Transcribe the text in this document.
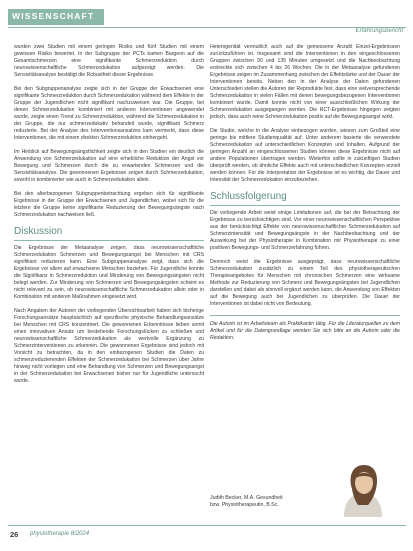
WISSENSCHAFT
Erfahrungsbericht

wurden zwei Studien mit einem geringen Risiko und fünf Studien mit einem gewissen Risiko bewertet. In der Subgruppe der PCTs kamen Bargeon auf die Gesamtschmerzen eine signifikante Schmerzreduktion durch neurowissenschaftliche Schmerzedukation aufgezeigt werden. Die Sensivitätsanalyse bestätigt die Robustheit dieser Ergebnisse.

Bei den Subgruppenanalyse zeigte sich in der Gruppe der Erwachsenen eine signifikante Schmerzreduktion durch Schmerzedukation während dem Effekte in der Gruppe der Jugendlichen nicht signifikant nachzuweisen war. Die Gruppe, bei denen Schmerzedukation kombiniert mit anderen Interventionen angewendet wurde, zeigte einen Trend zu Schmerzreduktion, während die Schmerzedukation in der Gruppe, die nur schmerzedukativ behandelt wurde, signifikant Schmerz reduzierte. Bei der Analyse des Interventionsansatzes kam vermerkt, dass diese Interventionen, die mit einem direkten Schmerzreduktion einhergeht.

Im Hinblick auf Bewegungsängstlichkeit zeigte sich in den Studien ein deutlich die Anwendung von Schmerzedukation auf eine erhebliche Reduktion der Angst vor Bewegung und Schmerzen durch die zu erwartenden Schmerzen und die Sensivitätsanalyse. Die gewonnenen Ergebnisse zeigen durch Schmerzedukation, sowohl in kombinierter wie auch in Schmerzedukation allein.

Bei den alterbezogenen Subgruppenbetrachtung ergeben sich für signifikante Ergebnisse in der Gruppe der Erwachsenen und Jugendlichen, wobei sich für die letztere die Gruppe keine signifikante Reduzierung der Bewegungsängste nach Schmerzedukation nachweisen ließ.

Diskussion

Die Ergebnisse der Metaanalyse zeigen, dass neurowissenschaftliche Schmerzedukation Schmerzen und Bewegungsangst bei Menschen mit CRS signifikant reduzieren kann. Eine Subgruppenanalyse zeigt, dass sich die Ergebnisse vor allem auf erwachsene Menschen beziehen. Für Jugendliche konnte die Signifikanz in Schmerzreduktion und Minderung von Bewegungsängsten nicht belegt werden. Zur Minderung von Schmerzen und Bewegungsängsten scheint es nicht relevant zu sein, ob neurowissenschaftliche Schmerzedukation allein oder in Kombination mit anderen Maßnahmen eingesetzt wird.

Nach Angaben der Autoren der vorliegenden Übersichtsarbeit haben sich bisherige Forschungsansätze hauptsächlich auf spezifische physische Behandlungsansätze bei Menschen mit CRS konzentriert. Die gewonnenen Erkenntnisse lieben somit einen innovativen Ansatz um bestehende Forschungslücken zu schließen und neurowissenschaftliche Schmerzedukation als wertvolle Ergänzung zu Schmerzinterventionen zu erkennen. Die gewonnenen Ergebnisse sind jedoch mit Vorsicht zu betrachten, da in den einbezogenen Studien die Daten zu schmerzreduzierenden Effekten der Schmerzedukation bei Schmerzen über Jahre hinweg nicht vorliegen und eine Behandlung von Schmerzen und Bewegungsangst in der Schmerzedukation bei Erwachsenen bisher nur für Jugendliche untersucht wurde.

Heterogenität vermutlich auch auf die gemessene Anzahl Einzel-Ergebnissen zurückzuführen ist. Insgesamt sind die Interventionen in den eingeschlossenen Gruppen zwischen 90 und 135 Minuten umgesetzt und die Nachbeobachtung erstreckte sich zwischen 4 bis 26 Wochen. Die in der Metaanalyse gefundenen Ergebnisse zeigen im Zusammenhang zwischen der Effektstärke und der Dauer der Interventionen bereits. Neben den in der Analyse der Daten gefundenen Unterschieden stellen die Autoren der Reprodukte fest, dass eine vielversprechende Schmerzedukation in vielen Fällen mit denen bewegungsbezogenen Interventionen kombiniert wurde. Damit konnte nicht von einer ausschließlichen Wirkung der Schmerzedukation ausgegangen werden. Die RCT-Ergebnisse hingegen zeigten jedoch, dass auch reine Schmerzedukation positiv auf die Bewegungsangst wirkt.

Die Studie, welche in die Analyse einbezogen wurden, wiesen zum Großteil eine geringe bis mittlere Studienqualität auf. Unter anderem basierte die verwendete Schmerzedukation auf unterschiedlichen Konzepten und Inhalten. Aufgrund der geringen Anzahl an eingeschlossenen Studien können diese Ergebnisse nicht auf andere Populationen übertragen werden. Weiterhin sollte in zukünftigen Studien überprüft werden, ob ähnliche Effekte auch mit unterschiedlichen Konzepten erzielt werden können. Für die Interpretation der Ergebnisse ist es wichtig, die Dauer und Intensität der Schmerzedukation einzubeziehen.

Schlussfolgerung

Die vorliegende Arbeit weist einige Limitationen auf, die bei der Betrachtung der Ergebnisse zu berücksichtigen sind. Vor einer neurowissenschaftlichen Perspektive aus der berücksichtigt Effekte von neurowissenschaftlicher Schmerzedukation auf Schmerzintensität und Bewegungsängste in der Nachbeobachtung und der Auswirkung bei der Physiotherapie in Kombination mit Physiotherapie zu einer positiven Bewegungs- und Schmerzerfahrung führen.

Dennoch weist die Ergebnisse ausgeprägt, dass neurowissenschaftliche Schmerzedukation zusätzlich zu einem Teil des physiotherapeutischen Therapieangebotes für Menschen mit chronischen Schmerzen eine wirksame Methode zur Reduzierung von Schmerz und Bewegungsängsten bei Jugendlichen darstellen und dabei als sinnvoll ergänzt werden kann, die Anwendung von Effekten auf die Bewegung auch bei Jugendlichen zu überprüfen. Die Dauer der Interventionen ist dabei nicht von Bedeutung.

Die Autorin ist im Arbeitsteam als Praktikantin tätig. Für die Literaturquellen zu dem Artikel und für die Datengrundlage wenden Sie sich bitte an die Autorin oder die Redaktion.

Judith Becker, M.A. Gesundheit
bzw. Physiotherapeutin, B.Sc.
26 physiotherapie 8/2024
